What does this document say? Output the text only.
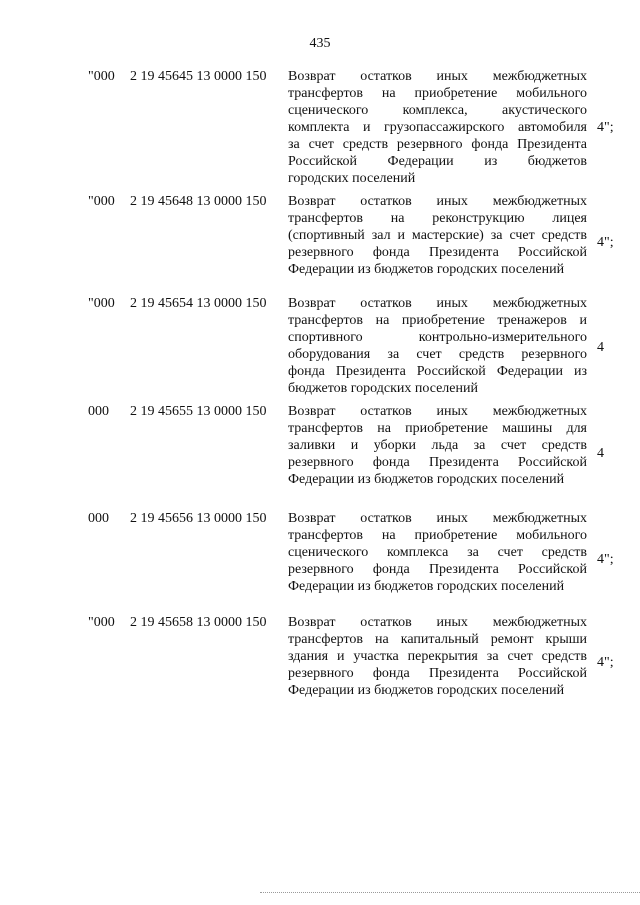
435
"000 2 19 45645 13 0000 150 Возврат остатков иных межбюджетных
трансфертов на приобретение мобильного
сценического комплекса, акустического
комплекта и грузопассажирского автомобиля
за счет средств резервного фонда Президента
Российской Федерации из бюджетов
городских поселений
4";
"000 2 19 45648 13 0000 150 Возврат остатков иных межбюджетных
трансфертов на реконструкцию лицея
(спортивный зал и мастерские) за счет средств
резервного фонда Президента Российской
Федерации из бюджетов городских поселений
4";
"000 2 19 45654 13 0000 150 Возврат остатков иных межбюджетных
трансфертов на приобретение тренажеров и
спортивного контрольно-измерительного
оборудования за счет средств резервного
фонда Президента Российской Федерации из
бюджетов городских поселений
4
000 2 19 45655 13 0000 150 Возврат остатков иных межбюджетных
трансфертов на приобретение машины для
заливки и уборки льда за счет средств
резервного фонда Президента Российской
Федерации из бюджетов городских поселений
4
000 2 19 45656 13 0000 150 Возврат остатков иных межбюджетных
трансфертов на приобретение мобильного
сценического комплекса за счет средств
резервного фонда Президента Российской
Федерации из бюджетов городских поселений
4";
"000 2 19 45658 13 0000 150 Возврат остатков иных межбюджетных
трансфертов на капитальный ремонт крыши
здания и участка перекрытия за счет средств
резервного фонда Президента Российской
Федерации из бюджетов городских поселений
4";
